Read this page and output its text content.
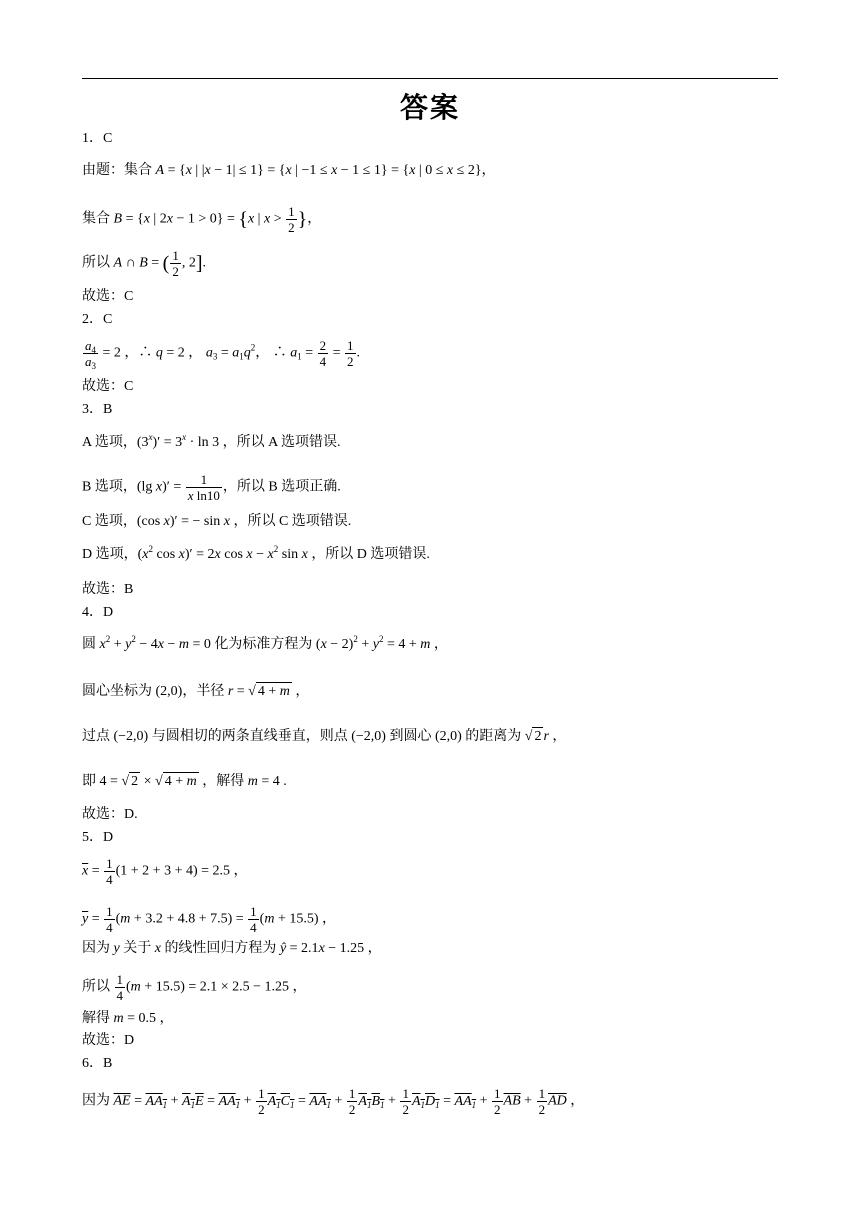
答案
1．C
由题：集合 A = {x | |x − 1| ≤ 1} = {x | −1 ≤ x − 1 ≤ 1} = {x | 0 ≤ x ≤ 2}，
集合 B = {x | 2x − 1 > 0} = {x | $x > \frac{1}{2}$ }，
所以 A ∩ B = ( $\frac{1}{2}$ , 2].
故选：C
2．C
$\frac{a_4}{a_3} = 2$ ，∴ q = 2 ， $a_3 = a_1q^2$， ∴ $a_1 = \frac{2}{4} = \frac{1}{2}$ .
故选：C
3．B
A 选项，$(3^x)' = 3^x \cdot \ln 3$ ，所以 A 选项错误.
B 选项，(lg $x)' = \frac{1}{\text{x ln10}}$ ，所以 B 选项正确.
C 选项，(cos x)′ = − sin x ，所以 C 选项错误.
D 选项，($x^2$ cos x)′ = 2x $\cos x - x^2$ sin x ，所以 D 选项错误.
故选：B
4．D
圆 $x^2 + y^2 - 4x - m = 0$ 化为标准方程为 $(x - 2)^2 + y^2 = 4 + m$ ，
圆心坐标为 (2,0)，半径 r = √ 4 + m ，
过点 (−2,0) 与圆相切的两条直线垂直，则点 (−2,0) 到圆心 (2,0) 的距离为 √ 2 r ，
即 4 = √ 2 × √ 4 + m ，解得 m = 4 .
故选：D.
5．D
$\overline{x} = \frac{1}{4} (1 + 2 + 3 + 4) = 2.5$ ，
$\overline{y} = \frac{1}{4} (m + 3.2 + 4.8 + 7.5) = \frac{1}{4} (m + 15.5)$ ，
因为 y 关于 x 的线性回归方程为 ŷ = 2.1x − 1.25 ，
所以 $\frac{1}{4} (m + 15.5) = 2.1 \times 2.5 - 1.25$ ，
解得 m = 0.5 ，
故选：D
6．B
因为 $\overline{AE} = AA_1 + A_1E = AA_1 + \frac{1}{2} A_1C_1 = AA_1 + \frac{1}{2} A_1B_1 + \frac{1}{2} A_1D_1 = AA_1 + \frac{1}{2} \overline{AB} + \frac{1}{2} \overline{AD}$ ，
